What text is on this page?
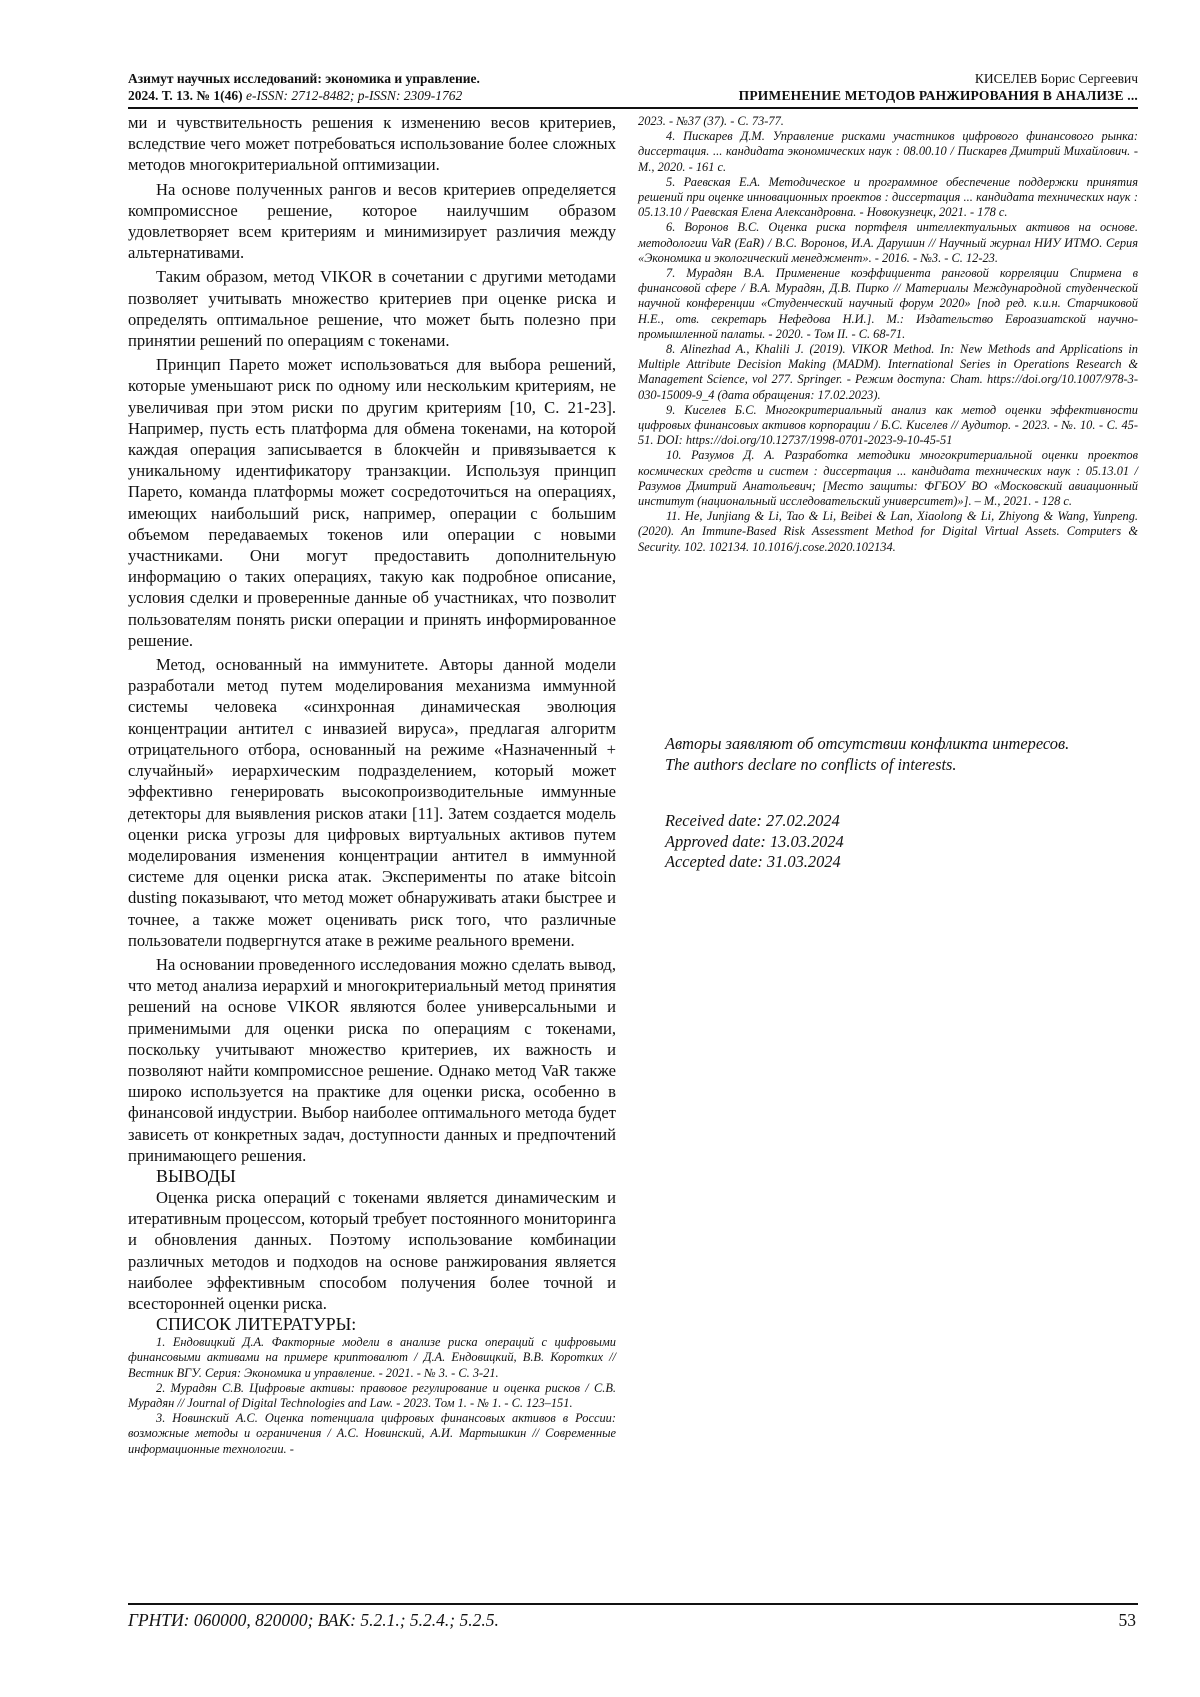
Азимут научных исследований: экономика и управление.
2024. Т. 13. № 1(46) e-ISSN: 2712-8482; p-ISSN: 2309-1762
КИСЕЛЕВ Борис Сергеевич
ПРИМЕНЕНИЕ МЕТОДОВ РАНЖИРОВАНИЯ В АНАЛИЗЕ ...

ми и чувствительность решения к изменению весов критериев, вследствие чего может потребоваться использование более сложных методов многокритериальной оптимизации.

На основе полученных рангов и весов критериев определяется компромиссное решение, которое наилучшим образом удовлетворяет всем критериям и минимизирует различия между альтернативами.

Таким образом, метод VIKOR в сочетании с другими методами позволяет учитывать множество критериев при оценке риска и определять оптимальное решение, что может быть полезно при принятии решений по операциям с токенами.

Принцип Парето может использоваться для выбора решений, которые уменьшают риск по одному или нескольким критериям, не увеличивая при этом риски по другим критериям [10, С. 21-23]. Например, пусть есть платформа для обмена токенами, на которой каждая операция записывается в блокчейн и привязывается к уникальному идентификатору транзакции. Используя принцип Парето, команда платформы может сосредоточиться на операциях, имеющих наибольший риск, например, операции с большим объемом передаваемых токенов или операции с новыми участниками. Они могут предоставить дополнительную информацию о таких операциях, такую как подробное описание, условия сделки и проверенные данные об участниках, что позволит пользователям понять риски операции и принять информированное решение.

Метод, основанный на иммунитете. Авторы данной модели разработали метод путем моделирования механизма иммунной системы человека «синхронная динамическая эволюция концентрации антител с инвазией вируса», предлагая алгоритм отрицательного отбора, основанный на режиме «Назначенный + случайный» иерархическим подразделением, который может эффективно генерировать высокопроизводительные иммунные детекторы для выявления рисков атаки [11]. Затем создается модель оценки риска угрозы для цифровых виртуальных активов путем моделирования изменения концентрации антител в иммунной системе для оценки риска атак. Эксперименты по атаке bitcoin dusting показывают, что метод может обнаруживать атаки быстрее и точнее, а также может оценивать риск того, что различные пользователи подвергнутся атаке в режиме реального времени.

На основании проведенного исследования можно сделать вывод, что метод анализа иерархий и многокритериальный метод принятия решений на основе VIKOR являются более универсальными и применимыми для оценки риска по операциям с токенами, поскольку учитывают множество критериев, их важность и позволяют найти компромиссное решение. Однако метод VaR также широко используется на практике для оценки риска, особенно в финансовой индустрии. Выбор наиболее оптимального метода будет зависеть от конкретных задач, доступности данных и предпочтений принимающего решения.

ВЫВОДЫ

Оценка риска операций с токенами является динамическим и итеративным процессом, который требует постоянного мониторинга и обновления данных. Поэтому использование комбинации различных методов и подходов на основе ранжирования является наиболее эффективным способом получения более точной и всесторонней оценки риска.

СПИСОК ЛИТЕРАТУРЫ:

1. Ендовицкий Д.А. Факторные модели в анализе риска операций с цифровыми финансовыми активами на примере криптовалют / Д.А. Ендовицкий, В.В. Коротких // Вестник ВГУ. Серия: Экономика и управление. - 2021. - № 3. - С. 3-21.

2. Мурадян С.В. Цифровые активы: правовое регулирование и оценка рисков / С.В. Мурадян // Journal of Digital Technologies and Law. - 2023. Том 1. - № 1. - С. 123–151.

3. Новинский А.С. Оценка потенциала цифровых финансовых активов в России: возможные методы и ограничения / А.С. Новинский, А.И. Мартышкин // Современные информационные технологии. -

2023. - №37 (37). - С. 73-77.

4. Пискарев Д.М. Управление рисками участников цифрового финансового рынка: диссертация. ... кандидата экономических наук : 08.00.10 / Пискарев Дмитрий Михайлович. - М., 2020. - 161 с.

5. Раевская Е.А. Методическое и программное обеспечение поддержки принятия решений при оценке инновационных проектов : диссертация ... кандидата технических наук : 05.13.10 / Раевская Елена Александровна. - Новокузнецк, 2021. - 178 с.

6. Воронов В.С. Оценка риска портфеля интеллектуальных активов на основе. методологии VaR (EaR) / В.С. Воронов, И.А. Дарушин // Научный журнал НИУ ИТМО. Серия «Экономика и экологический менеджмент». - 2016. - №3. - С. 12-23.

7. Мурадян В.А. Применение коэффициента ранговой корреляции Спирмена в финансовой сфере / В.А. Мурадян, Д.В. Пирко // Материалы Международной студенческой научной конференции «Студенческий научный форум 2020» [под ред. к.и.н. Старчиковой Н.Е., отв. секретарь Нефедова Н.И.]. М.: Издательство Евроазиатской научно-промышленной палаты. - 2020. - Том II. - С. 68-71.

8. Alinezhad A., Khalili J. (2019). VIKOR Method. In: New Methods and Applications in Multiple Attribute Decision Making (MADM). International Series in Operations Research & Management Science, vol 277. Springer. - Режим доступа: Cham. https://doi.org/10.1007/978-3-030-15009-9_4 (дата обращения: 17.02.2023).

9. Киселев Б.С. Многокритериальный анализ как метод оценки эффективности цифровых финансовых активов корпорации / Б.С. Киселев // Аудитор. - 2023. - №. 10. - С. 45-51. DOI: https://doi.org/10.12737/1998-0701-2023-9-10-45-51

10. Разумов Д. А. Разработка методики многокритериальной оценки проектов космических средств и систем : диссертация ... кандидата технических наук : 05.13.01 / Разумов Дмитрий Анатольевич; [Место защиты: ФГБОУ ВО «Московский авиационный институт (национальный исследовательский университет)»]. – М., 2021. - 128 с.

11. He, Junjiang & Li, Tao & Li, Beibei & Lan, Xiaolong & Li, Zhiyong & Wang, Yunpeng. (2020). An Immune-Based Risk Assessment Method for Digital Virtual Assets. Computers & Security. 102. 102134. 10.1016/j.cose.2020.102134.

Авторы заявляют об отсутствии конфликта интересов.

The authors declare no conflicts of interests.

Received date: 27.02.2024

Approved date: 13.03.2024

Accepted date: 31.03.2024

ГРНТИ: 060000, 820000; ВАК: 5.2.1.; 5.2.4.; 5.2.5.	53
